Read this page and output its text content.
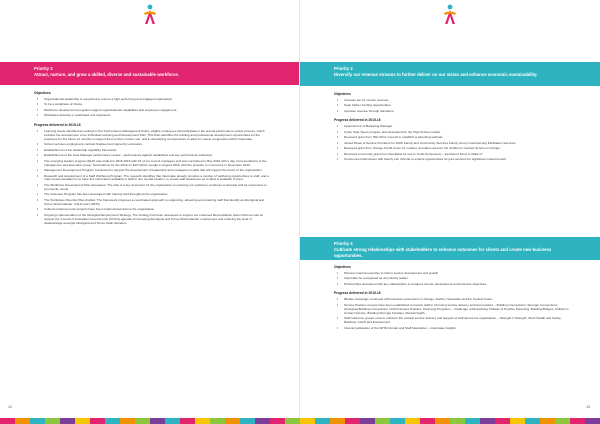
Priority 2
Attract, nurture, and grow a skilled, diverse and sustainable workforce.
Objectives
• Organisational leadership is supported to ensure a high performing and engaged organisation.
• To be a workplace of choice.
• Workforce development programs support organisational capabilities and employee engagement.
• Workplace diversity is celebrated and supported.
Progress delivered in 2015-16
• Learning needs identified as outlined in the Performance Management Policy, eligible employees will participate in the annual performance review process, which includes the development of an Individual Learning and Development Plan. This Plan identifies the training and professional development opportunities for the employee for the future 12 months to support them in their current role, and in developing competencies to allow for career progression within Interrelate.
• School services employment contract finalised and signed by educators.
• Establishment of the leadership capability framework.
• Establishment of the Area Manager performance review – performance against capabilities and key performance indicators.
• The emerging leaders program (ELP) was trialled in 2015-2016 with 15 of our current managers and was completed in May 2016 with a day of presentations to the management and Executive group. Nominations for the 2016-17 ELP will be sought in August 2016, with the program to commence in November 2016.
• Management Development Program Conducted to support the development of leadership and management skills that will support the future of the organisation.
• Research and development of a Staff Wellbeing Program. The research identifies that Interrelate already provides a number of wellbeing opportunities to staff, and a main recommendation is to have this information available to staff in one central location, to create staff awareness as to what is available to them.
• The Workforce Development Plan developed. The plan is a key document for the organisation in ensuring our workforce continues to develop and be responsive to community needs.
• The Volunteer Program has been developed with training held throughout the organisation.
• The Workplace Diversity Plan drafted. The framework proposes a coordinated approach to supporting, attracting and retaining staff that identify as Aboriginal and Torres Strait Islander, CALD and LGBTQ.
• Cultural enhancements projects have been implemented across the organisation.
• Ongoing implementation of the Aboriginal Employment Strategy. The strategy has been developed to support our endorsed Reconciliation Action Plan as well as support the Council of Australian Governments (COAG) agenda of increasing Aboriginal and Torres Strait Islander employment and reducing the level of disadvantage amongst Aboriginal and Torres Strait Islanders.
12
Priority 3
Diversify our revenue streams to further deliver on our vision and enhance economic sustainability.
Objectives
• Increase fee for service revenue.
• Seek further funding opportunities.
• Increase revenue through donations.
Progress delivered in 2015-16
• Appointment of Marketing Manager.
• Cyber Safe Teens program pilot developed for the High School market.
• Received grant from Hills Shire Council to establish a parenting webinar.
• Joined Panel of Service Providers for NSW Family and Community Services Family Group Conferencing Facilitation Services.
• Received grant from Orange Credit Union for outdoor recreation area for the Children's Contact Service in Orange.
• Received community grant from Stockland for use in Youth Symposium – Festival of Films in 2016-17
• Commenced discussion with Family Life Victoria to explore opportunities for joint services for significant mutual benefit.
Priority 4
Cultivate strong relationships with stakeholders to enhance outcomes for clients and create new business opportunities.
Objectives
• Harness internal expertise to inform service development and growth
• Interrelate be recognised as an industry leader.
• Partnerships developed with key stakeholders to progress service development and business objectives.
Progress delivered in 2015-16
• iMelate Campaign continued with television promotions in Orange, Dubbo, Newcastle and the Central Coast.
• Service Practice Groups have been established to involve staff in informing service delivery and best practice – Building Connections, Stronger Connections, Aboriginal Building Connections, Child Inclusive Practice, Parenting Programs – Challenge of Disciplining Children & Positive Parenting, Building Bridges, Children's Contact Service, Building Stronger Families, Mental Health.
• Staff reference groups exist to enhance the cultural service delivery and support of staff across the organisation – Strength 2 Strength, Work Health and Safety, Rainbow, CALD and Environment.
• Internal publication of the WHS Circular and Staff Newsletter – Interrelate Insights.
13
